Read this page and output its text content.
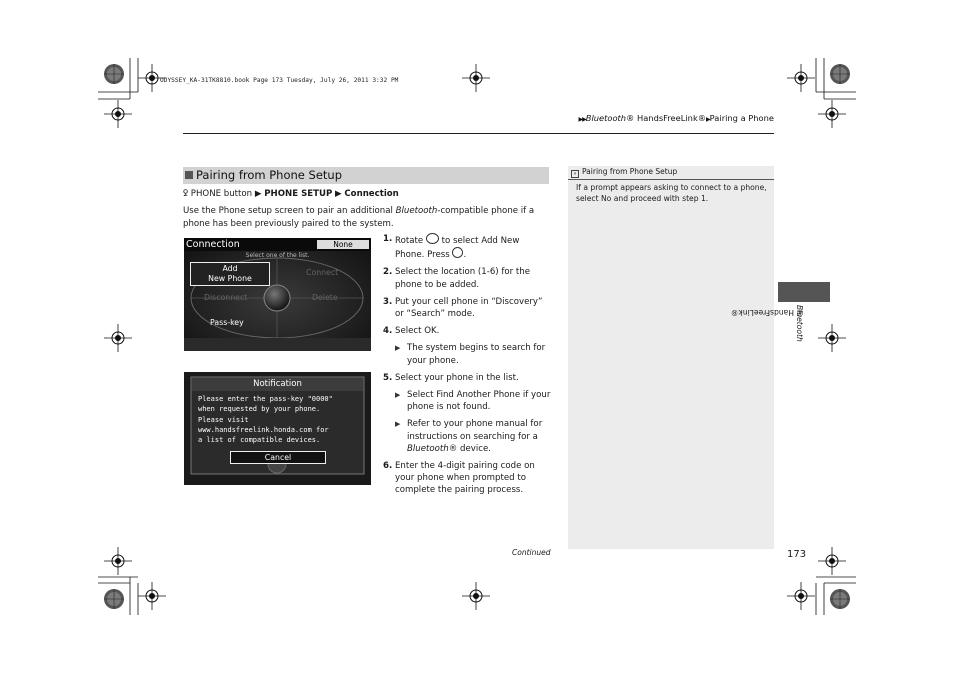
ODYSSEY_KA-31TK8810.book Page 173 Tuesday, July 26, 2011 3:32 PM
▶▶Bluetooth® HandsFreeLink®▶Pairing a Phone
Pairing from Phone Setup
ꝿ PHONE button ▶ PHONE SETUP ▶ Connection
Use the Phone setup screen to pair an additional Bluetooth-compatible phone if a phone has been previously paired to the system.
Connection	None
Select one of the list.
Add
New Phone
Connect
Disconnect	Delete
Pass-key
Notification
Please enter the pass-key "0000"
when requested by your phone.
Please visit
www.handsfreelink.honda.com for
a list of compatible devices.
Cancel
1. Rotate  to select Add New Phone. Press .
2. Select the location (1-6) for the phone to be added.
3. Put your cell phone in “Discovery” or “Search” mode.
4. Select OK.
▶ The system begins to search for your phone.
5. Select your phone in the list.
▶ Select Find Another Phone if your phone is not found.
▶ Refer to your phone manual for instructions on searching for a Bluetooth® device.
6. Enter the 4-digit pairing code on your phone when prompted to complete the pairing process.
Continued
» Pairing from Phone Setup
If a prompt appears asking to connect to a phone, select No and proceed with step 1.
Bluetooth
® HandsFreeLink®
173
